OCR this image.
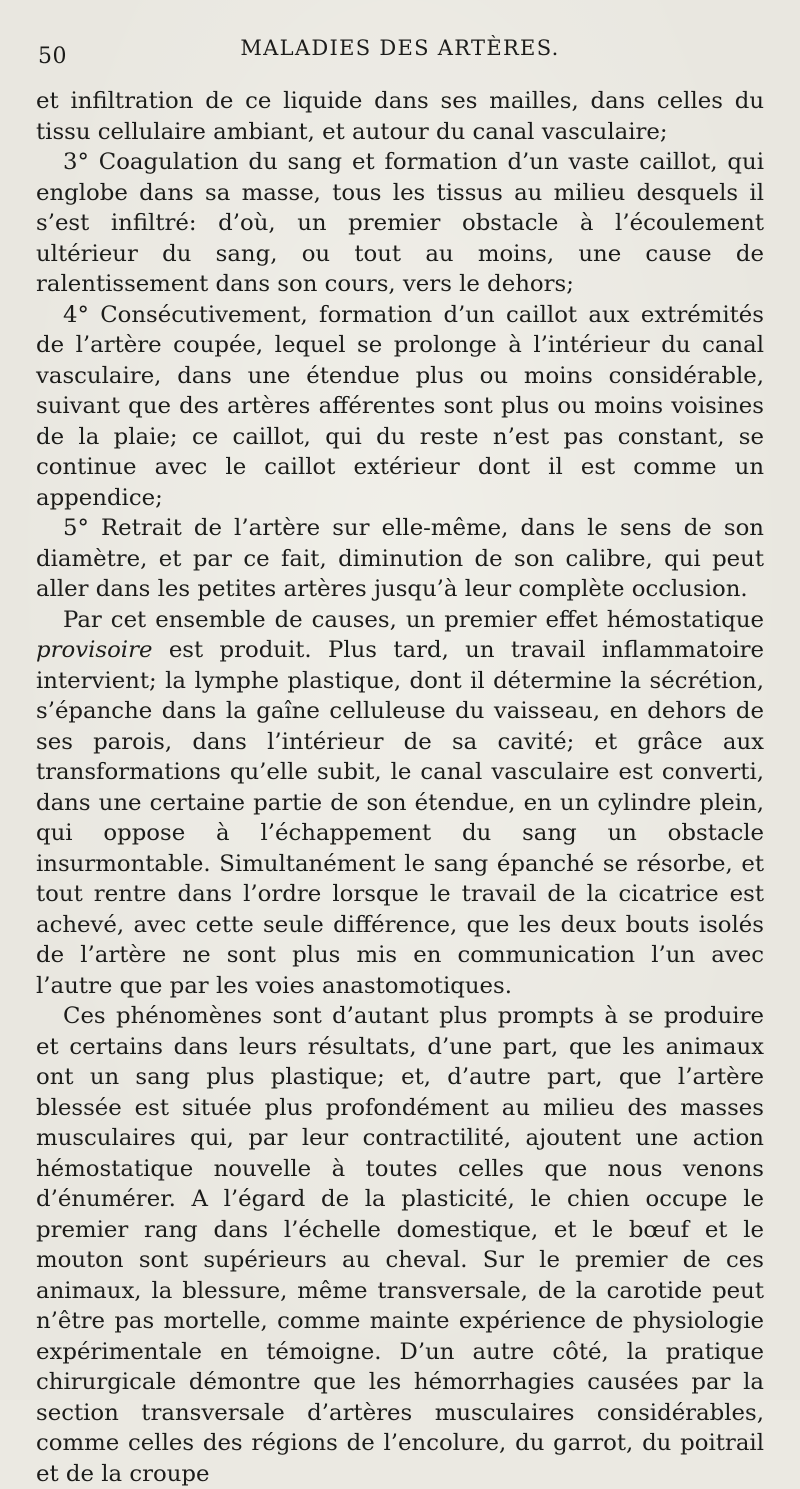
50	MALADIES DES ARTÈRES.

et infiltration de ce liquide dans ses mailles, dans celles du tissu cellulaire ambiant, et autour du canal vasculaire;

3° Coagulation du sang et formation d’un vaste caillot, qui englobe dans sa masse, tous les tissus au milieu desquels il s’est infiltré: d’où, un premier obstacle à l’écoulement ultérieur du sang, ou tout au moins, une cause de ralentissement dans son cours, vers le dehors;

4° Consécutivement, formation d’un caillot aux extrémités de l’artère coupée, lequel se prolonge à l’intérieur du canal vasculaire, dans une étendue plus ou moins considérable, suivant que des artères afférentes sont plus ou moins voisines de la plaie; ce caillot, qui du reste n’est pas constant, se continue avec le caillot extérieur dont il est comme un appendice;

5° Retrait de l’artère sur elle-même, dans le sens de son diamètre, et par ce fait, diminution de son calibre, qui peut aller dans les petites artères jusqu’à leur complète occlusion.

Par cet ensemble de causes, un premier effet hémostatique provisoire est produit. Plus tard, un travail inflammatoire intervient; la lymphe plastique, dont il détermine la sécrétion, s’épanche dans la gaîne celluleuse du vaisseau, en dehors de ses parois, dans l’intérieur de sa cavité; et grâce aux transformations qu’elle subit, le canal vasculaire est converti, dans une certaine partie de son étendue, en un cylindre plein, qui oppose à l’échappement du sang un obstacle insurmontable. Simultanément le sang épanché se résorbe, et tout rentre dans l’ordre lorsque le travail de la cicatrice est achevé, avec cette seule différence, que les deux bouts isolés de l’artère ne sont plus mis en communication l’un avec l’autre que par les voies anastomotiques.

Ces phénomènes sont d’autant plus prompts à se produire et certains dans leurs résultats, d’une part, que les animaux ont un sang plus plastique; et, d’autre part, que l’artère blessée est située plus profondément au milieu des masses musculaires qui, par leur contractilité, ajoutent une action hémostatique nouvelle à toutes celles que nous venons d’énumérer. A l’égard de la plasticité, le chien occupe le premier rang dans l’échelle domestique, et le bœuf et le mouton sont supérieurs au cheval. Sur le premier de ces animaux, la blessure, même transversale, de la carotide peut n’être pas mortelle, comme mainte expérience de physiologie expérimentale en témoigne. D’un autre côté, la pratique chirurgicale démontre que les hémorrhagies causées par la section transversale d’artères musculaires considérables, comme celles des régions de l’encolure, du garrot, du poitrail et de la croupe
